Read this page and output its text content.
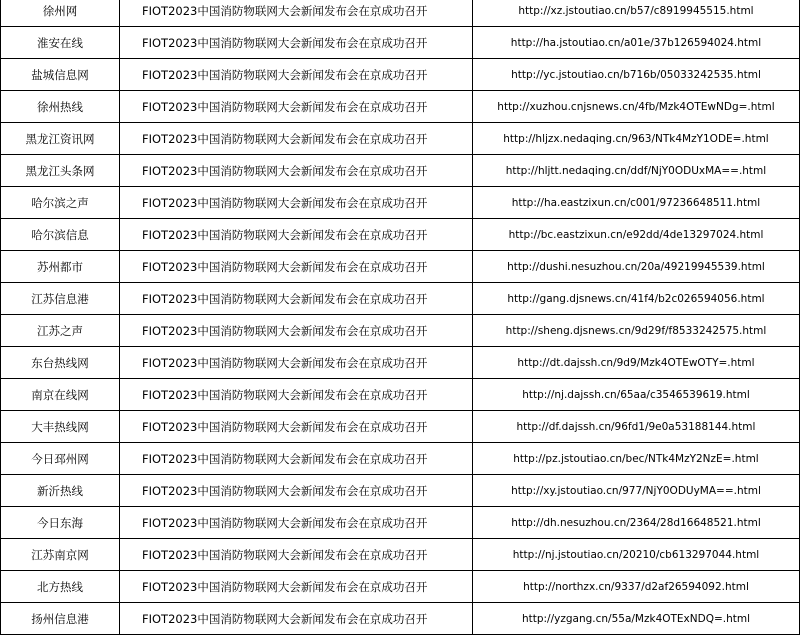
徐州网	FIOT2023中国消防物联网大会新闻发布会在京成功召开	http://xz.jstoutiao.cn/b57/c8919945515.html
淮安在线	FIOT2023中国消防物联网大会新闻发布会在京成功召开	http://ha.jstoutiao.cn/a01e/37b126594024.html
盐城信息网	FIOT2023中国消防物联网大会新闻发布会在京成功召开	http://yc.jstoutiao.cn/b716b/05033242535.html
徐州热线	FIOT2023中国消防物联网大会新闻发布会在京成功召开	http://xuzhou.cnjsnews.cn/4fb/Mzk4OTEwNDg=.html
黑龙江资讯网	FIOT2023中国消防物联网大会新闻发布会在京成功召开	http://hljzx.nedaqing.cn/963/NTk4MzY1ODE=.html
黑龙江头条网	FIOT2023中国消防物联网大会新闻发布会在京成功召开	http://hljtt.nedaqing.cn/ddf/NjY0ODUxMA==.html
哈尔滨之声	FIOT2023中国消防物联网大会新闻发布会在京成功召开	http://ha.eastzixun.cn/c001/97236648511.html
哈尔滨信息	FIOT2023中国消防物联网大会新闻发布会在京成功召开	http://bc.eastzixun.cn/e92dd/4de13297024.html
苏州都市	FIOT2023中国消防物联网大会新闻发布会在京成功召开	http://dushi.nesuzhou.cn/20a/49219945539.html
江苏信息港	FIOT2023中国消防物联网大会新闻发布会在京成功召开	http://gang.djsnews.cn/41f4/b2c026594056.html
江苏之声	FIOT2023中国消防物联网大会新闻发布会在京成功召开	http://sheng.djsnews.cn/9d29f/f8533242575.html
东台热线网	FIOT2023中国消防物联网大会新闻发布会在京成功召开	http://dt.dajssh.cn/9d9/Mzk4OTEwOTY=.html
南京在线网	FIOT2023中国消防物联网大会新闻发布会在京成功召开	http://nj.dajssh.cn/65aa/c3546539619.html
大丰热线网	FIOT2023中国消防物联网大会新闻发布会在京成功召开	http://df.dajssh.cn/96fd1/9e0a53188144.html
今日邳州网	FIOT2023中国消防物联网大会新闻发布会在京成功召开	http://pz.jstoutiao.cn/bec/NTk4MzY2NzE=.html
新沂热线	FIOT2023中国消防物联网大会新闻发布会在京成功召开	http://xy.jstoutiao.cn/977/NjY0ODUyMA==.html
今日东海	FIOT2023中国消防物联网大会新闻发布会在京成功召开	http://dh.nesuzhou.cn/2364/28d16648521.html
江苏南京网	FIOT2023中国消防物联网大会新闻发布会在京成功召开	http://nj.jstoutiao.cn/20210/cb613297044.html
北方热线	FIOT2023中国消防物联网大会新闻发布会在京成功召开	http://northzx.cn/9337/d2af26594092.html
扬州信息港	FIOT2023中国消防物联网大会新闻发布会在京成功召开	http://yzgang.cn/55a/Mzk4OTExNDQ=.html
